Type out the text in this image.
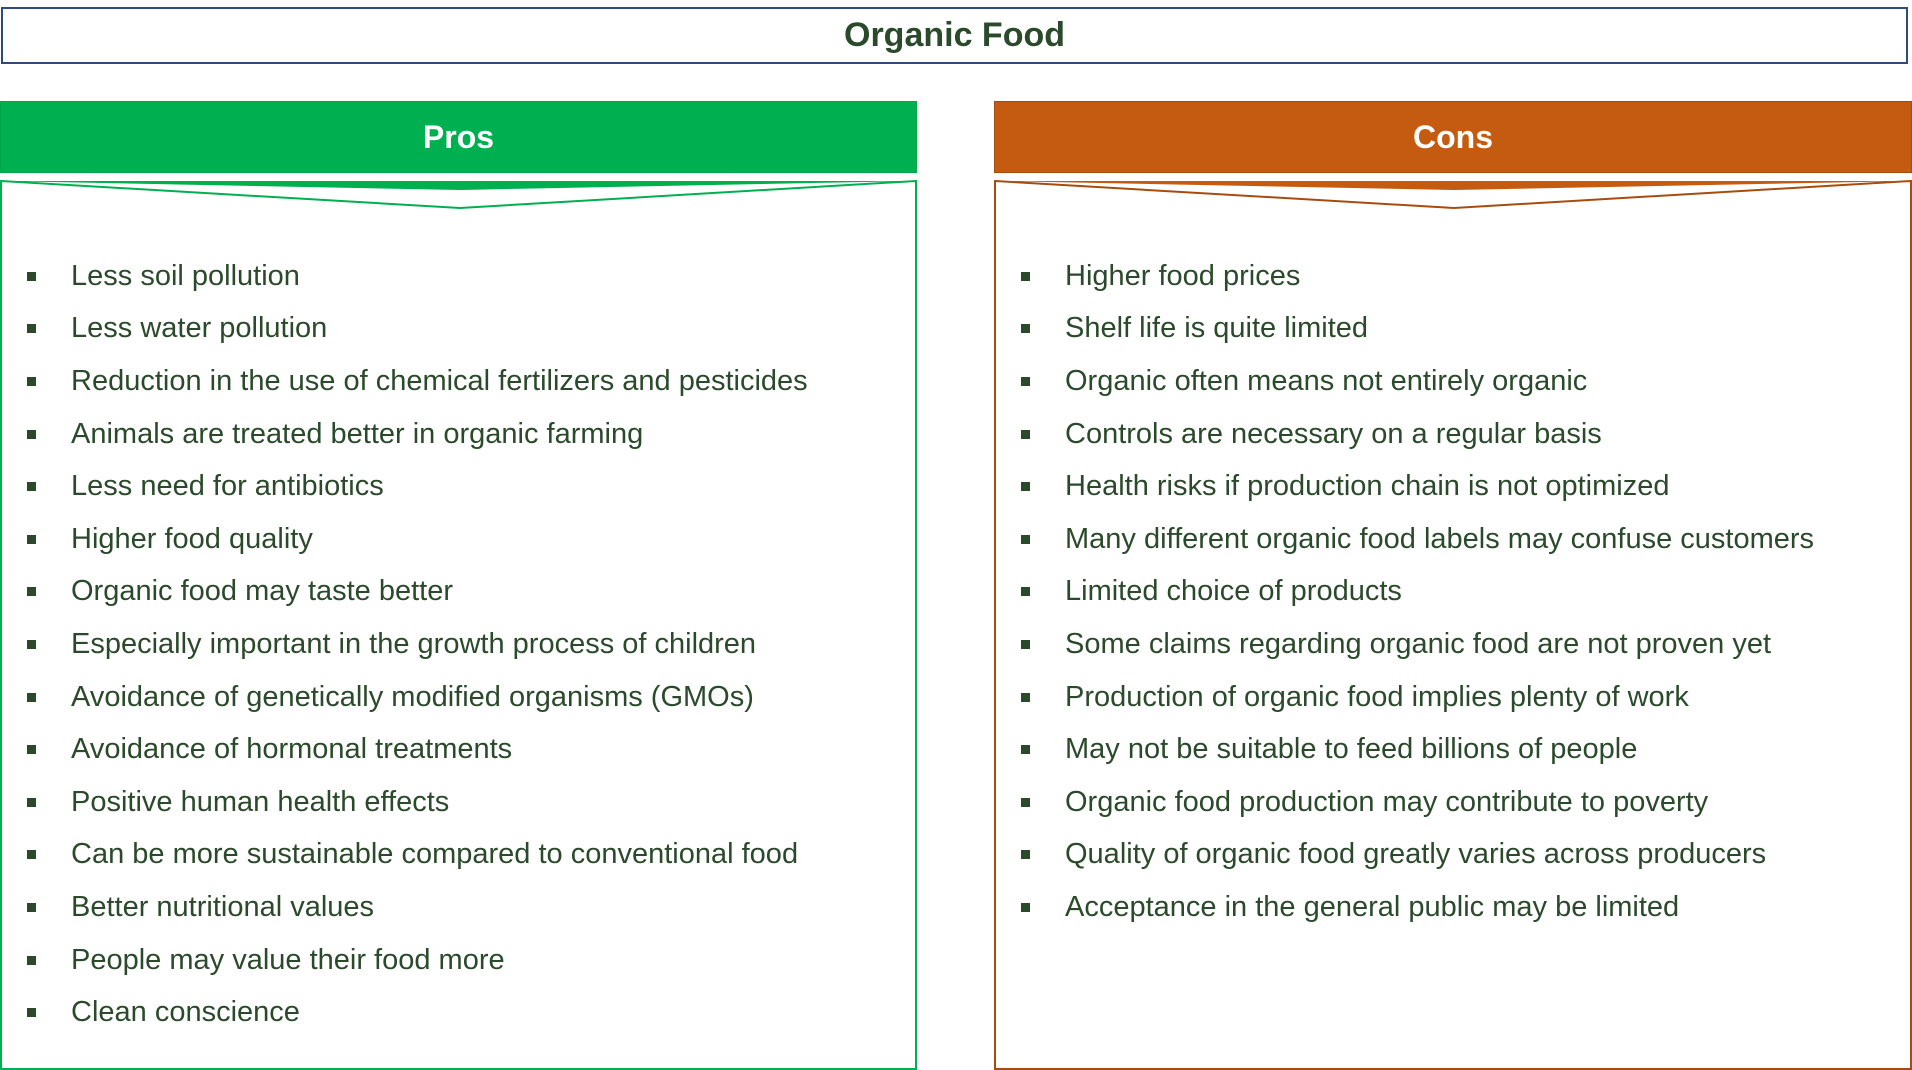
Organic Food
Pros
Less soil pollution
Less water pollution
Reduction in the use of chemical fertilizers and pesticides
Animals are treated better in organic farming
Less need for antibiotics
Higher food quality
Organic food may taste better
Especially important in the growth process of children
Avoidance of genetically modified organisms (GMOs)
Avoidance of hormonal treatments
Positive human health effects
Can be more sustainable compared to conventional food
Better nutritional values
People may value their food more
Clean conscience
Cons
Higher food prices
Shelf life is quite limited
Organic often means not entirely organic
Controls are necessary on a regular basis
Health risks if production chain is not optimized
Many different organic food labels may confuse customers
Limited choice of products
Some claims regarding organic food are not proven yet
Production of organic food implies plenty of work
May not be suitable to feed billions of people
Organic food production may contribute to poverty
Quality of organic food greatly varies across producers
Acceptance in the general public may be limited
